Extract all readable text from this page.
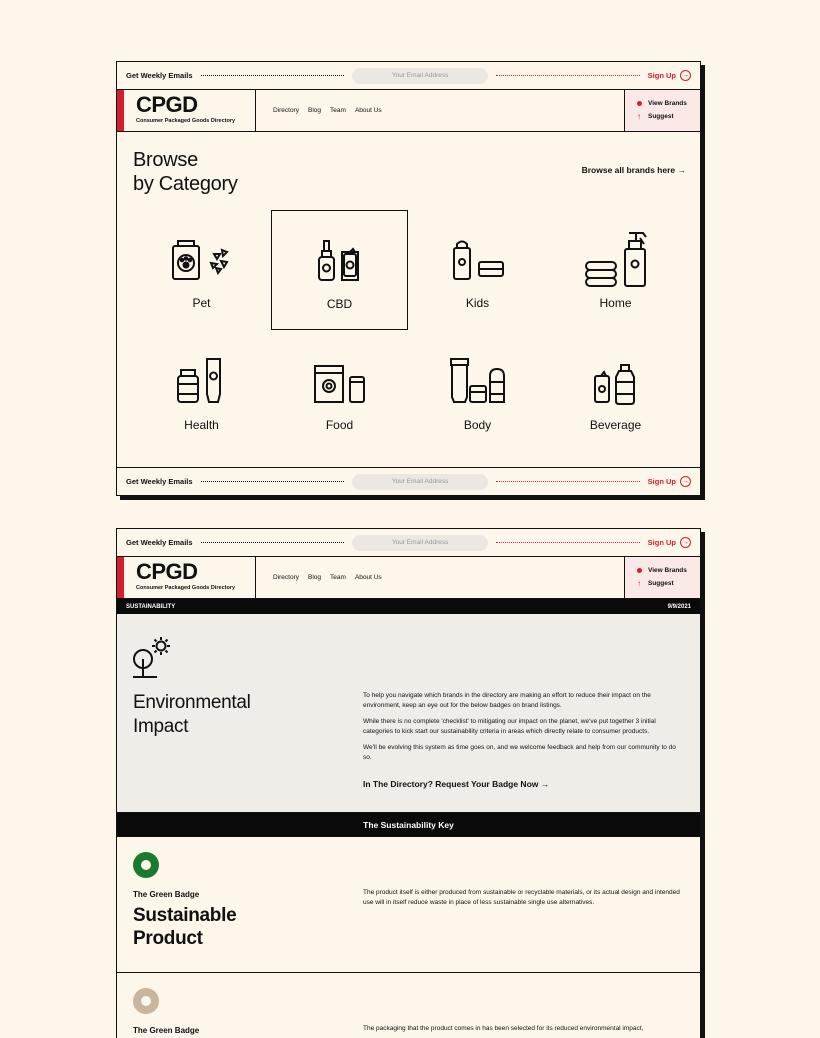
Get Weekly Emails
Your Email Address	Sign Up →
CPGD
Consumer Packaged Goods Directory
Directory Blog Team About Us
View Brands
↑ Suggest
Browse
by Category
Browse all brands here →
Pet	CBD	Kids	Home
Health	Food	Body	Beverage
Get Weekly Emails
Your Email Address	Sign Up →
Get Weekly Emails
Your Email Address	Sign Up →
CPGD
Consumer Packaged Goods Directory
Directory Blog Team About Us
View Brands
↑ Suggest
SUSTAINABILITY	9/9/2021
Environmental
Impact

To help you navigate which brands in the directory are making an effort to reduce their impact on the environment, keep an eye out for the below badges on brand listings.

While there is no complete 'checklist' to mitigating our impact on the planet, we've put together 3 initial categories to kick start our sustainability criteria in areas which directly relate to consumer products.

We'll be evolving this system as time goes on, and we welcome feedback and help from our community to do so.

In The Directory? Request Your Badge Now →
The Sustainability Key
The Green Badge
Sustainable
Product
The product itself is either produced from sustainable or recyclable materials, or its actual design and intended use will in itself reduce waste in place of less sustainable single use alternatives.
The Green Badge	The packaging that the product comes in has been selected for its reduced environmental impact,
